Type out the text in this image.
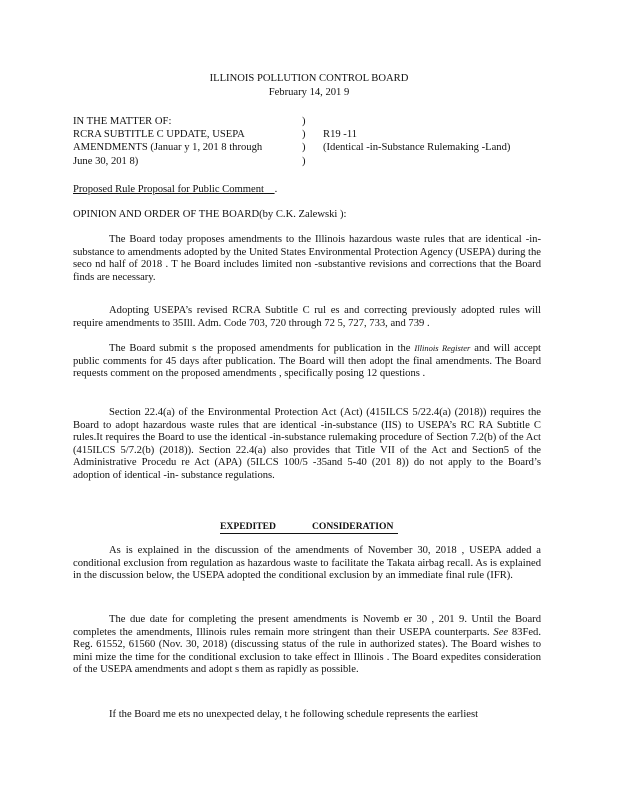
ILLINOIS POLLUTION CONTROL BOARD
February 14, 201 9
IN THE MATTER OF:
RCRA SUBTITLE C UPDATE, USEPA
AMENDMENTS (Januar y 1, 201 8 through
June 30, 201 8)
)
)
)
)
R19 -11
(Identical -in-Substance Rulemaking -Land)
Proposed Rule Proposal for Public Comment .
OPINION AND ORDER OF THE BOARD(by C.K. Zalewski ):

The Board today proposes amendments to the Illinois hazardous waste rules that are identical -in-substance to amendments adopted by the United States Environmental Protection Agency (USEPA) during the seco nd half of 2018 . T he Board includes limited non -substantive revisions and corrections that the Board finds are necessary.

Adopting USEPA’s revised RCRA Subtitle C rul es and correcting previously adopted rules will require amendments to 35Ill. Adm. Code 703, 720 through 72 5, 727, 733, and 739 .

The Board submit s the proposed amendments for publication in the Illinois Register and will accept public comments for 45 days after publication. The Board will then adopt the final amendments. The Board requests comment on the proposed amendments , specifically posing 12 questions .

Section 22.4(a) of the Environmental Protection Act (Act) (415ILCS 5/22.4(a) (2018)) requires the Board to adopt hazardous waste rules that are identical -in-substance (IIS) to USEPA’s RC RA Subtitle C rules.It requires the Board to use the identical -in-substance rulemaking procedure of Section 7.2(b) of the Act (415ILCS 5/7.2(b) (2018)). Section 22.4(a) also provides that Title VII of the Act and Section5 of the Administrative Procedu re Act (APA) (5ILCS 100/5 -35and 5-40 (201 8)) do not apply to the Board’s adoption of identical -in- substance regulations.

EXPEDITED	CONSIDERATION

As is explained in the discussion of the amendments of November 30, 2018 , USEPA added a conditional exclusion from regulation as hazardous waste to facilitate the Takata airbag recall. As is explained in the discussion below, the USEPA adopted the conditional exclusion by an immediate final rule (IFR).

The due date for completing the present amendments is Novemb er 30 , 201 9. Until the Board completes the amendments, Illinois rules remain more stringent than their USEPA counterparts. See 83Fed. Reg. 61552, 61560 (Nov. 30, 2018) (discussing status of the rule in authorized states). The Board wishes to mini mize the time for the conditional exclusion to take effect in Illinois . The Board expedites consideration of the USEPA amendments and adopt s them as rapidly as possible.

If the Board me ets no unexpected delay, t he following schedule represents the earliest
